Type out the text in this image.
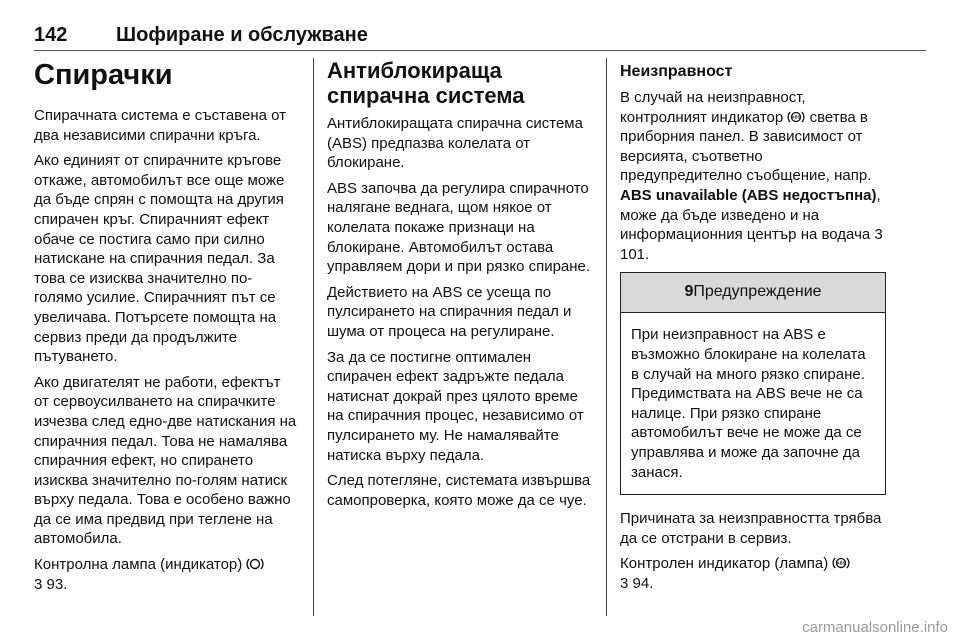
142 Шофиране и обслужване
Спирачки

Спирачната система е съставена от два независими спирачни кръга.

Ако единият от спирачните кръгове откаже, автомобилът все още може да бъде спрян с помощта на другия спирачен кръг. Спирачният ефект обаче се постига само при силно натискане на спирачния педал. За това се изисква значително по-голямо усилие. Спирачният път се увеличава. Потърсете помощта на сервиз преди да продължите пътуването.

Ако двигателят не работи, ефектът от сервоусилването на спирачките изчезва след едно-две натискания на спирачния педал. Това не намалява спирачния ефект, но спирането изисква значително по-голям натиск върху педала. Това е особено важно да се има предвид при теглене на автомобила.

Контролна лампа (индикатор)
3 93.

Антиблокираща спирачна система

Антиблокиращата спирачна система (ABS) предпазва колелата от блокиране.

ABS започва да регулира спирачното налягане веднага, щом някое от колелата покаже признаци на блокиране. Автомобилът остава управляем дори и при рязко спиране.

Действието на ABS се усеща по пулсирането на спирачния педал и шума от процеса на регулиране.

За да се постигне оптимален спирачен ефект задръжте педала натиснат докрай през цялото време на спирачния процес, независимо от пулсирането му. Не намалявайте натиска върху педала.

След потегляне, системата извършва самопроверка, която може да се чуе.

Неизправност

В случай на неизправност, контролният индикатор ABS светва в приборния панел. В зависимост от версията, съответно предупредително съобщение, напр. ABS unavailable (ABS недостъпна), може да бъде изведено и на информационния център на водача 3 101.

9Предупреждение

При неизправност на ABS е възможно блокиране на колелата в случай на много рязко спиране. Предимствата на ABS вече не са налице. При рязко спиране автомобилът вече не може да се управлява и може да започне да занася.

Причината за неизправността трябва да се отстрани в сервиз.

Контролен индикатор (лампа) ABS

3 94.

carmanualsonline.info
